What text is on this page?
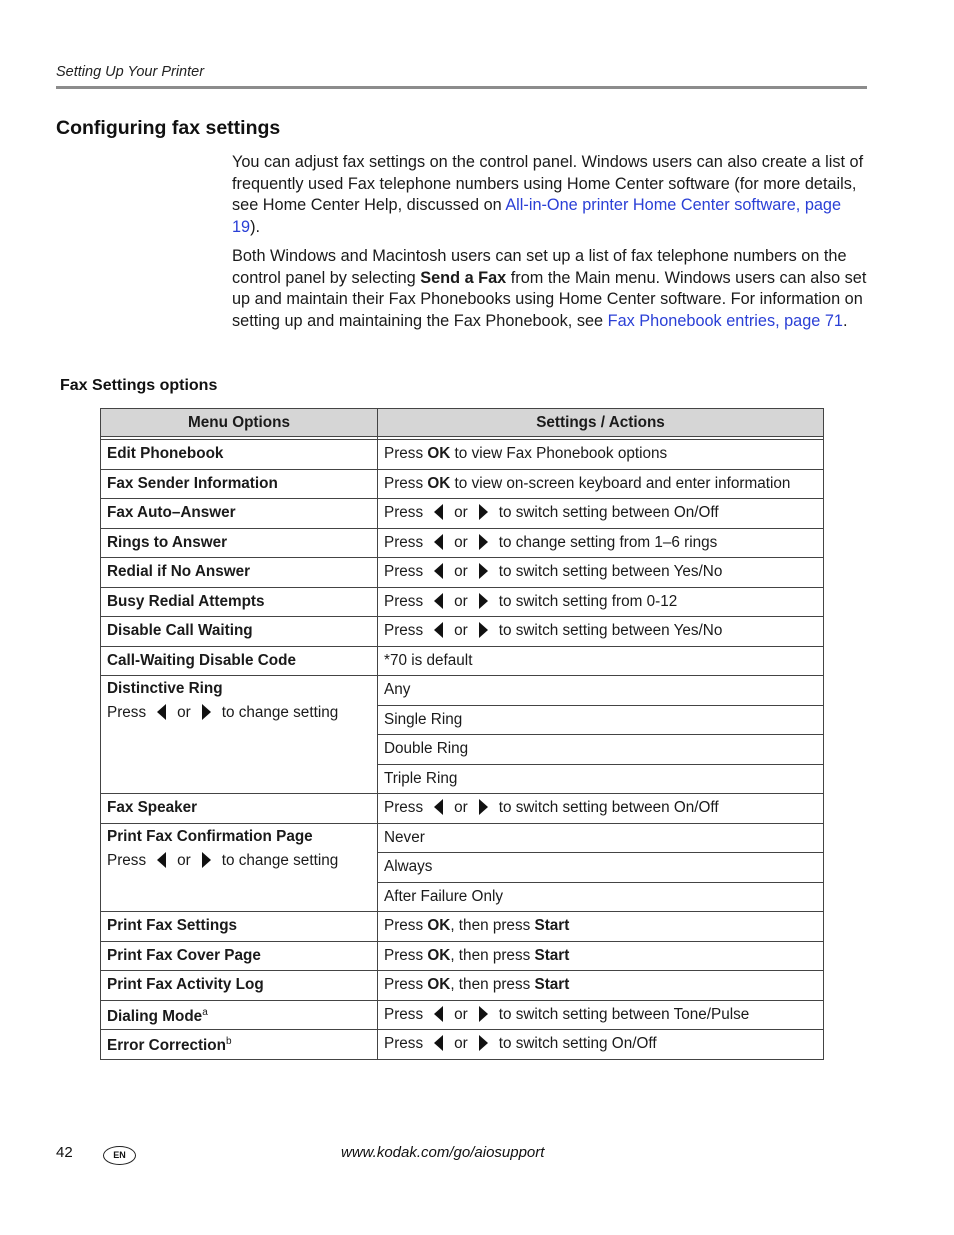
Setting Up Your Printer
Configuring fax settings

You can adjust fax settings on the control panel. Windows users can also create a list of frequently used Fax telephone numbers using Home Center software (for more details, see Home Center Help, discussed on All-in-One printer Home Center software, page 19).

Both Windows and Macintosh users can set up a list of fax telephone numbers on the control panel by selecting Send a Fax from the Main menu. Windows users can also set up and maintain their Fax Phonebooks using Home Center software. For information on setting up and maintaining the Fax Phonebook, see Fax Phonebook entries, page 71.

Fax Settings options
Menu Options	Settings / Actions

Edit Phonebook	Press OK to view Fax Phonebook options
Fax Sender Information	Press OK to view on-screen keyboard and enter information
Fax Auto–Answer	Press or to switch setting between On/Off
Rings to Answer	Press or to change setting from 1–6 rings
Redial if No Answer	Press or to switch setting between Yes/No
Busy Redial Attempts	Press or to switch setting from 0-12
Disable Call Waiting	Press or to switch setting between Yes/No
Call-Waiting Disable Code	*70 is default
Distinctive Ring
Press or to change setting	Any
	Single Ring
	Double Ring
	Triple Ring
Fax Speaker	Press or to switch setting between On/Off
Print Fax Confirmation Page
Press or to change setting	Never
	Always
	After Failure Only
Print Fax Settings	Press OK, then press Start
Print Fax Cover Page	Press OK, then press Start
Print Fax Activity Log	Press OK, then press Start
Dialing Mode$^a$	Press or to switch setting between Tone/Pulse
Error Correction$^b$	Press or to switch setting On/Off
42	EN	www.kodak.com/go/aiosupport
